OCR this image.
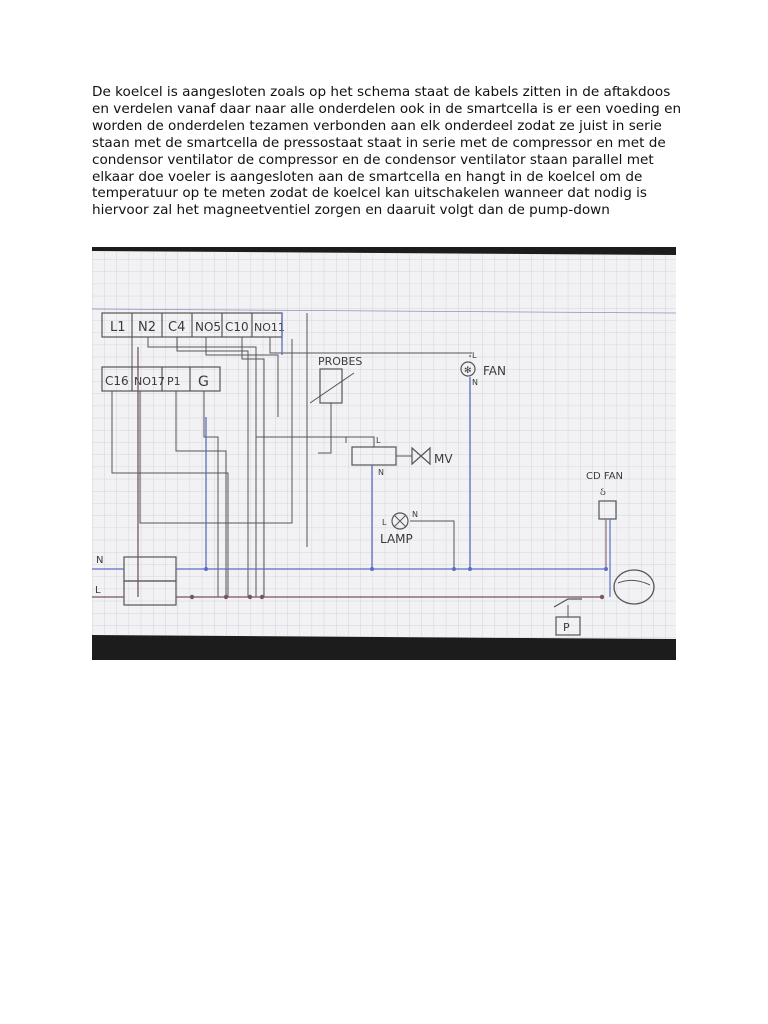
De koelcel is aangesloten zoals op het schema staat de kabels zitten in de aftakdoos en verdelen vanaf daar naar alle onderdelen ook in de smartcella is er een voeding en worden de onderdelen tezamen verbonden aan elk onderdeel zodat ze juist in serie staan met de smartcella de pressostaat staat in serie met de compressor en met de condensor ventilator de compressor en de condensor ventilator staan parallel met elkaar doe voeler is aangesloten aan de smartcella en hangt in de koelcel om de temperatuur op te meten zodat de koelcel kan uitschakelen wanneer dat nodig is hiervoor zal het magneetventiel zorgen en daaruit volgt dan de pump-down

L1 N2 C4 NO5 C10 NO11
C16 NO17 P1 G
PROBES
MV
L
N
✻ FAN
L
N
LAMP
L
N
CD FAN
ઠ
N
L
P
